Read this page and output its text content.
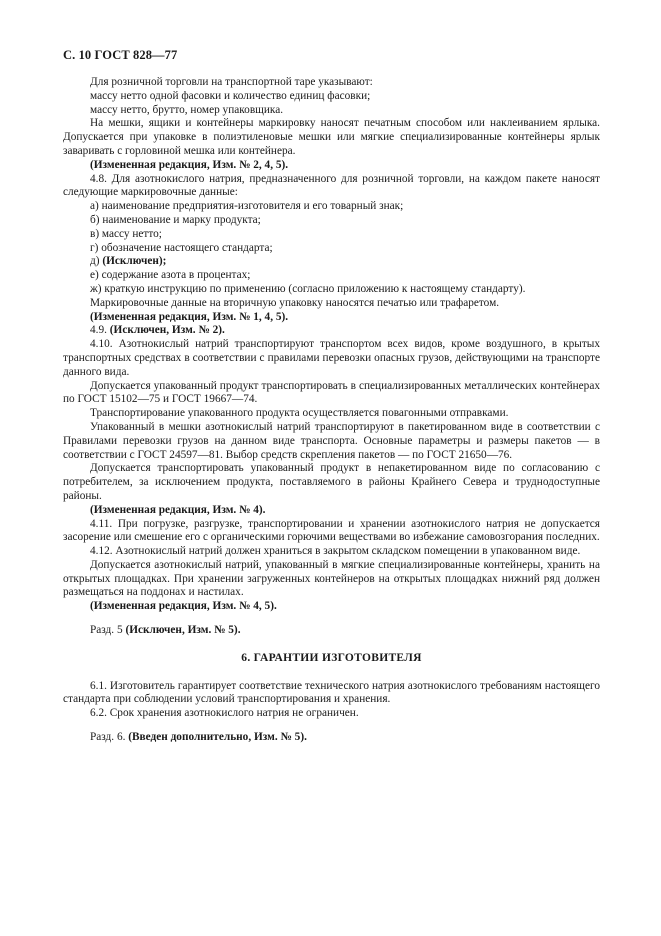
С. 10 ГОСТ 828—77

Для розничной торговли на транспортной таре указывают:

массу нетто одной фасовки и количество единиц фасовки;

массу нетто, брутто, номер упаковщика.

На мешки, ящики и контейнеры маркировку наносят печатным способом или наклеиванием ярлыка. Допускается при упаковке в полиэтиленовые мешки или мягкие специализированные контейнеры ярлык заваривать с горловиной мешка или контейнера.

(Измененная редакция, Изм. № 2, 4, 5).

4.8. Для азотнокислого натрия, предназначенного для розничной торговли, на каждом пакете наносят следующие маркировочные данные:

а) наименование предприятия-изготовителя и его товарный знак;

б) наименование и марку продукта;

в) массу нетто;

г) обозначение настоящего стандарта;

д) (Исключен);

е) содержание азота в процентах;

ж) краткую инструкцию по применению (согласно приложению к настоящему стандарту).

Маркировочные данные на вторичную упаковку наносятся печатью или трафаретом.

(Измененная редакция, Изм. № 1, 4, 5).

4.9. (Исключен, Изм. № 2).

4.10. Азотнокислый натрий транспортируют транспортом всех видов, кроме воздушного, в крытых транспортных средствах в соответствии с правилами перевозки опасных грузов, действующими на транспорте данного вида.

Допускается упакованный продукт транспортировать в специализированных металлических контейнерах по ГОСТ 15102—75 и ГОСТ 19667—74.

Транспортирование упакованного продукта осуществляется повагонными отправками.

Упакованный в мешки азотнокислый натрий транспортируют в пакетированном виде в соответствии с Правилами перевозки грузов на данном виде транспорта. Основные параметры и размеры пакетов — в соответствии с ГОСТ 24597—81. Выбор средств скрепления пакетов — по ГОСТ 21650—76.

Допускается транспортировать упакованный продукт в непакетированном виде по согласованию с потребителем, за исключением продукта, поставляемого в районы Крайнего Севера и труднодоступные районы.

(Измененная редакция, Изм. № 4).

4.11. При погрузке, разгрузке, транспортировании и хранении азотнокислого натрия не допускается засорение или смешение его с органическими горючими веществами во избежание самовозгорания последних.

4.12. Азотнокислый натрий должен храниться в закрытом складском помещении в упакованном виде.

Допускается азотнокислый натрий, упакованный в мягкие специализированные контейнеры, хранить на открытых площадках. При хранении загруженных контейнеров на открытых площадках нижний ряд должен размещаться на поддонах и настилах.

(Измененная редакция, Изм. № 4, 5).

Разд. 5 (Исключен, Изм. № 5).

6. ГАРАНТИИ ИЗГОТОВИТЕЛЯ

6.1. Изготовитель гарантирует соответствие технического натрия азотнокислого требованиям настоящего стандарта при соблюдении условий транспортирования и хранения.

6.2. Срок хранения азотнокислого натрия не ограничен.

Разд. 6. (Введен дополнительно, Изм. № 5).
